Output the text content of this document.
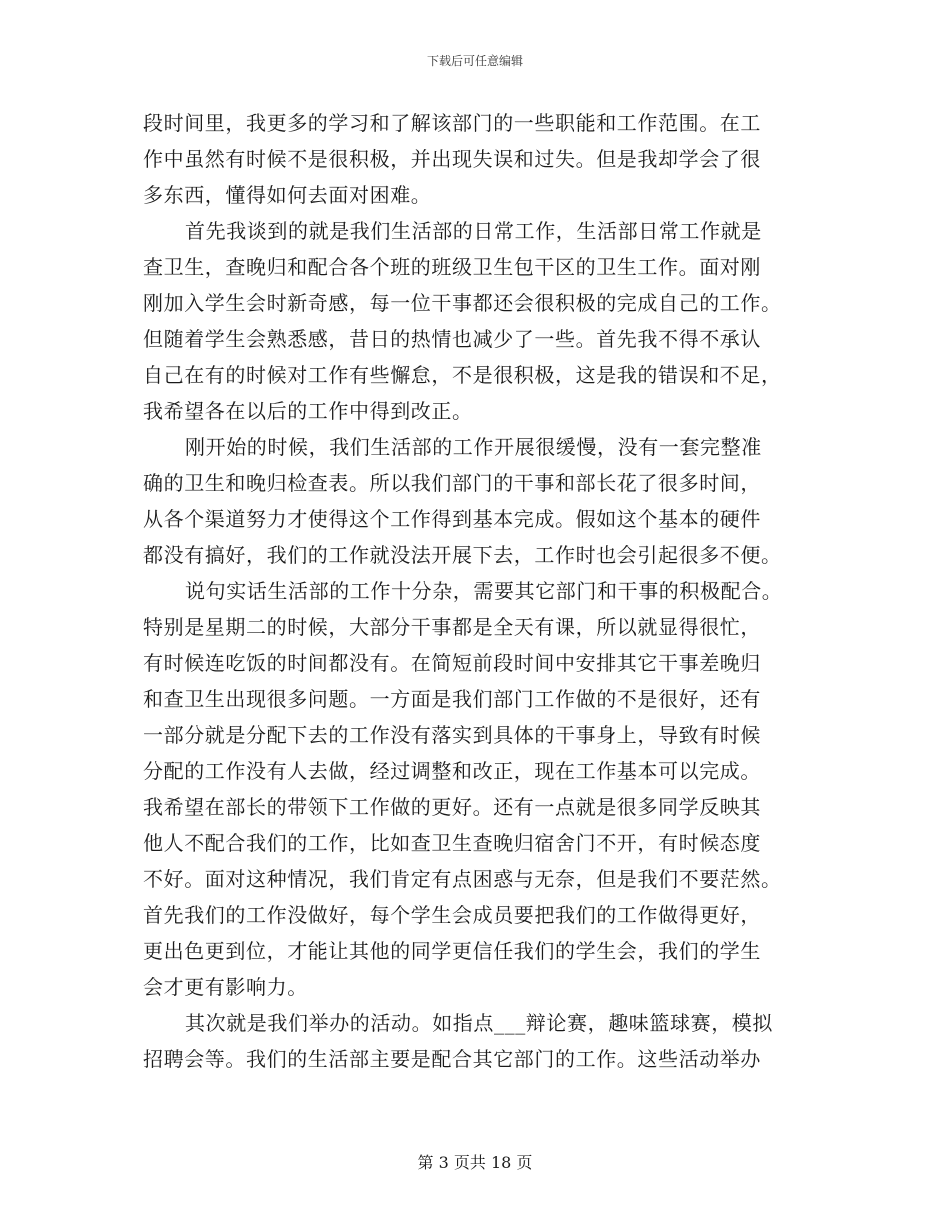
下载后可任意编辑
段时间里，我更多的学习和了解该部门的一些职能和工作范围。在工
作中虽然有时候不是很积极，并出现失误和过失。但是我却学会了很
多东西，懂得如何去面对困难。
首先我谈到的就是我们生活部的日常工作，生活部日常工作就是
查卫生，查晚归和配合各个班的班级卫生包干区的卫生工作。面对刚
刚加入学生会时新奇感，每一位干事都还会很积极的完成自己的工作。
但随着学生会熟悉感，昔日的热情也减少了一些。首先我不得不承认
自己在有的时候对工作有些懈怠，不是很积极，这是我的错误和不足，
我希望各在以后的工作中得到改正。
刚开始的时候，我们生活部的工作开展很缓慢，没有一套完整准
确的卫生和晚归检查表。所以我们部门的干事和部长花了很多时间，
从各个渠道努力才使得这个工作得到基本完成。假如这个基本的硬件
都没有搞好，我们的工作就没法开展下去，工作时也会引起很多不便。
说句实话生活部的工作十分杂，需要其它部门和干事的积极配合。
特别是星期二的时候，大部分干事都是全天有课，所以就显得很忙，
有时候连吃饭的时间都没有。在简短前段时间中安排其它干事差晚归
和查卫生出现很多问题。一方面是我们部门工作做的不是很好，还有
一部分就是分配下去的工作没有落实到具体的干事身上，导致有时候
分配的工作没有人去做，经过调整和改正，现在工作基本可以完成。
我希望在部长的带领下工作做的更好。还有一点就是很多同学反映其
他人不配合我们的工作，比如查卫生查晚归宿舍门不开，有时候态度
不好。面对这种情况，我们肯定有点困惑与无奈，但是我们不要茫然。
首先我们的工作没做好，每个学生会成员要把我们的工作做得更好，
更出色更到位，才能让其他的同学更信任我们的学生会，我们的学生
会才更有影响力。
其次就是我们举办的活动。如指点___辩论赛，趣味篮球赛，模拟
招聘会等。我们的生活部主要是配合其它部门的工作。这些活动举办
第 3 页共 18 页
